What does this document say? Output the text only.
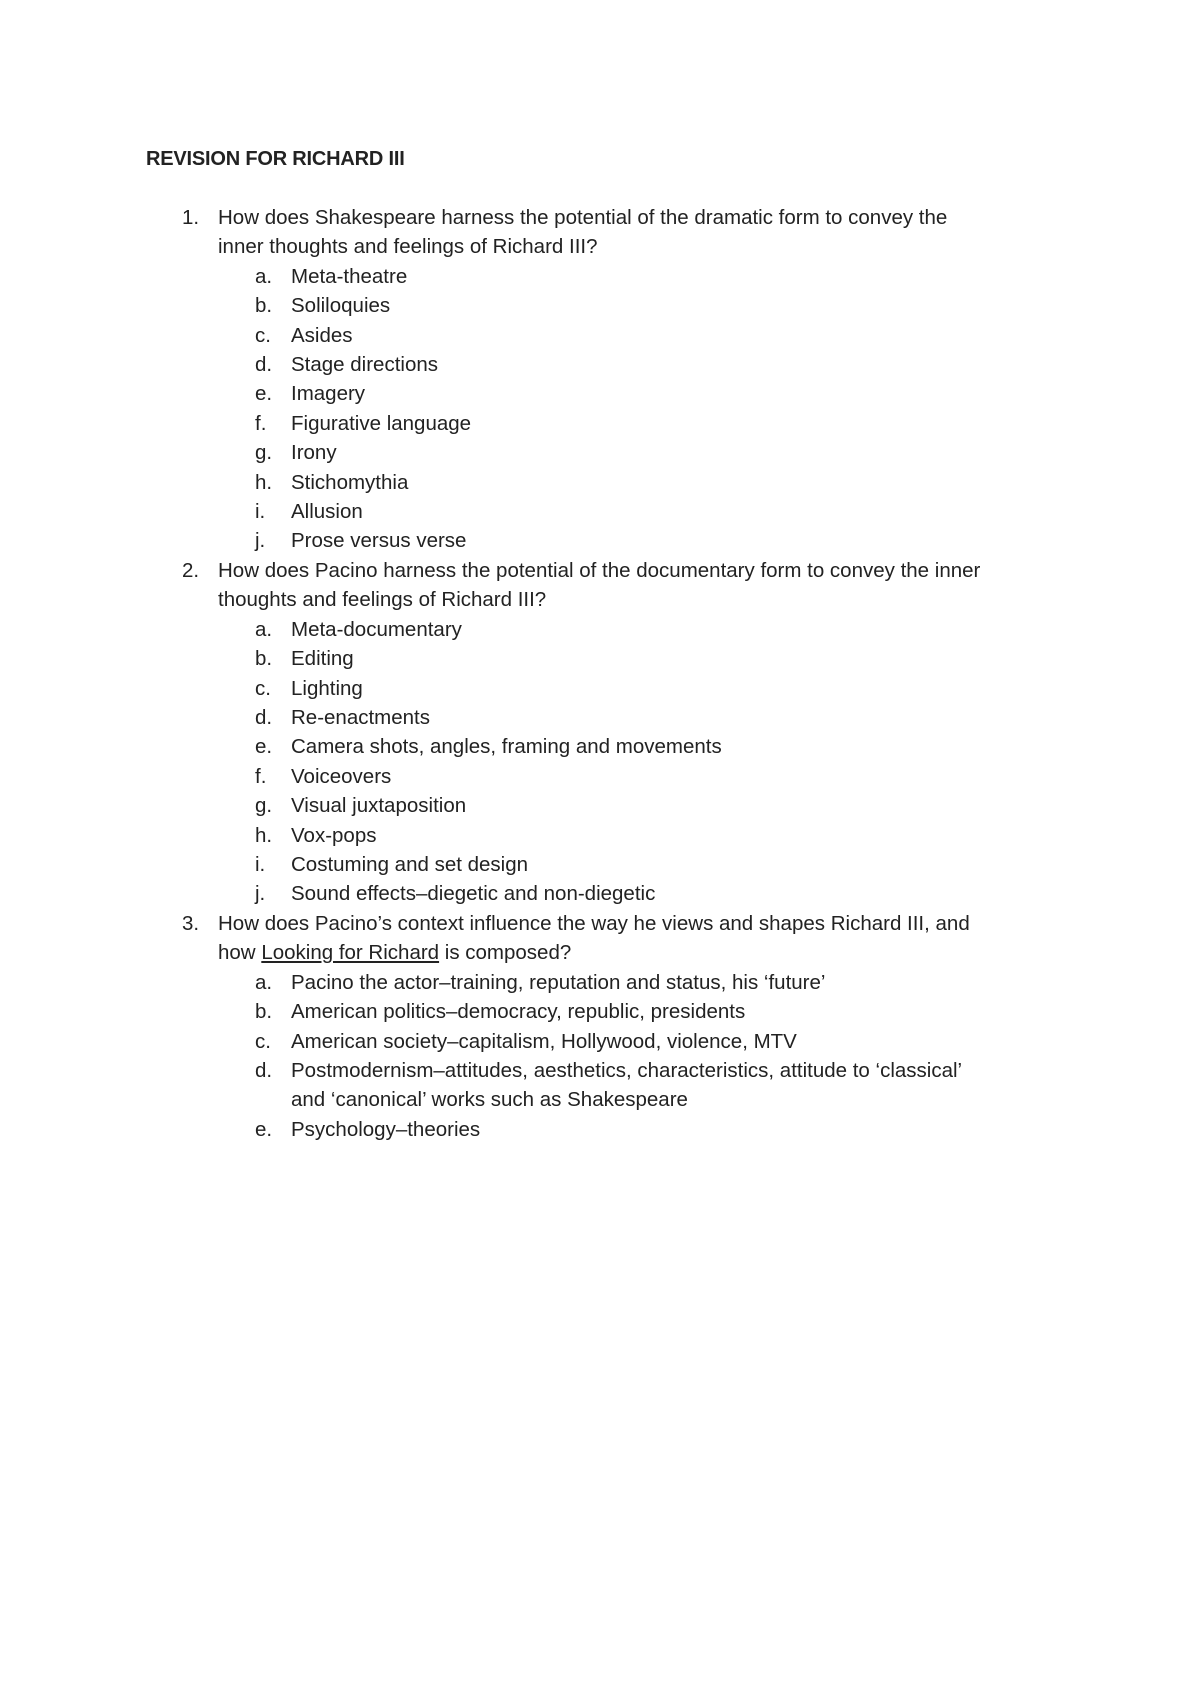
REVISION FOR RICHARD III
1. How does Shakespeare harness the potential of the dramatic form to convey the
inner thoughts and feelings of Richard III?
a. Meta-theatre
b. Soliloquies
c. Asides
d. Stage directions
e. Imagery
f. Figurative language
g. Irony
h. Stichomythia
i. Allusion
j. Prose versus verse
2. How does Pacino harness the potential of the documentary form to convey the inner
thoughts and feelings of Richard III?
a. Meta-documentary
b. Editing
c. Lighting
d. Re-enactments
e. Camera shots, angles, framing and movements
f. Voiceovers
g. Visual juxtaposition
h. Vox-pops
i. Costuming and set design
j. Sound effects–diegetic and non-diegetic
3. How does Pacino’s context influence the way he views and shapes Richard III, and
how Looking for Richard is composed?
a. Pacino the actor–training, reputation and status, his ‘future’
b. American politics–democracy, republic, presidents
c. American society–capitalism, Hollywood, violence, MTV
d. Postmodernism–attitudes, aesthetics, characteristics, attitude to ‘classical’
and ‘canonical’ works such as Shakespeare
e. Psychology–theories
